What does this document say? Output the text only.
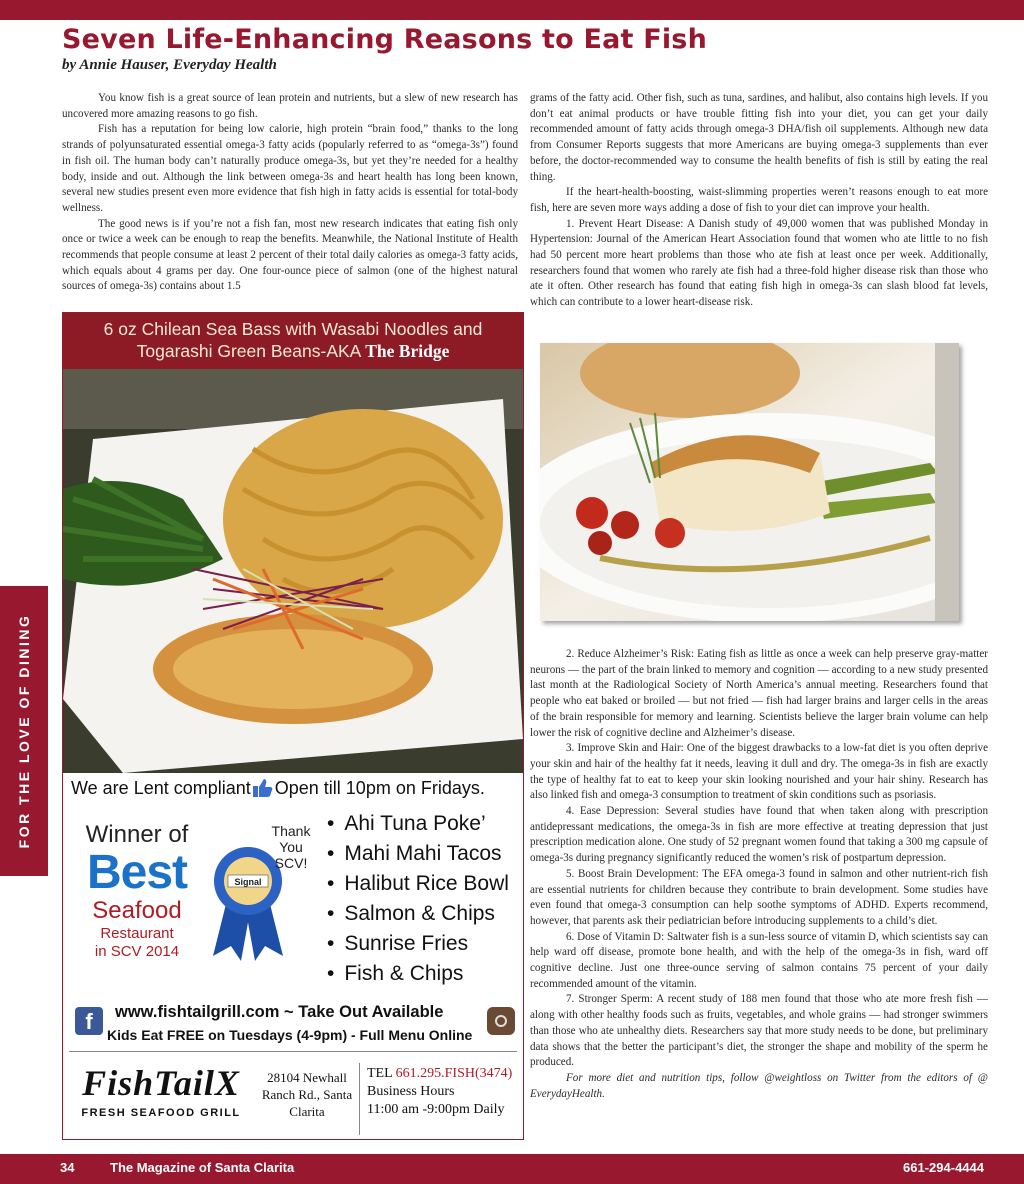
Seven Life-Enhancing Reasons to Eat Fish
by Annie Hauser, Everyday Health

You know fish is a great source of lean protein and nutrients, but a slew of new research has uncovered more amazing reasons to go fish.

Fish has a reputation for being low calorie, high protein “brain food,” thanks to the long strands of polyunsaturated essential omega-3 fatty acids (popularly referred to as “omega-3s”) found in fish oil. The human body can’t naturally produce omega-3s, but yet they’re needed for a healthy body, inside and out. Although the link between omega-3s and heart health has long been known, several new studies present even more evidence that fish high in fatty acids is essential for total-body wellness.

The good news is if you’re not a fish fan, most new research indicates that eating fish only once or twice a week can be enough to reap the benefits. Meanwhile, the National Institute of Health recommends that people consume at least 2 percent of their total daily calories as omega-3 fatty acids, which equals about 4 grams per day. One four-ounce piece of salmon (one of the highest natural sources of omega-3s) contains about 1.5

grams of the fatty acid. Other fish, such as tuna, sardines, and halibut, also contains high levels. If you don’t eat animal products or have trouble fitting fish into your diet, you can get your daily recommended amount of fatty acids through omega-3 DHA/fish oil supplements. Although new data from Consumer Reports suggests that more Americans are buying omega-3 supplements than ever before, the doctor-recommended way to consume the health benefits of fish is still by eating the real thing.

If the heart-health-boosting, waist-slimming properties weren’t reasons enough to eat more fish, here are seven more ways adding a dose of fish to your diet can improve your health.

1. Prevent Heart Disease: A Danish study of 49,000 women that was published Monday in Hypertension: Journal of the American Heart Association found that women who ate little to no fish had 50 percent more heart problems than those who ate fish at least once per week. Additionally, researchers found that women who rarely ate fish had a three-fold higher disease risk than those who ate it often. Other research has found that eating fish high in omega-3s can slash blood fat levels, which can contribute to a lower heart-disease risk.

2. Reduce Alzheimer’s Risk: Eating fish as little as once a week can help preserve gray-matter neurons — the part of the brain linked to memory and cognition — according to a new study presented last month at the Radiological Society of North America’s annual meeting. Researchers found that people who eat baked or broiled — but not fried — fish had larger brains and larger cells in the areas of the brain responsible for memory and learning. Scientists believe the larger brain volume can help lower the risk of cognitive decline and Alzheimer’s disease.

3. Improve Skin and Hair: One of the biggest drawbacks to a low-fat diet is you often deprive your skin and hair of the healthy fat it needs, leaving it dull and dry. The omega-3s in fish are exactly the type of healthy fat to eat to keep your skin looking nourished and your hair shiny. Research has also linked fish and omega-3 consumption to treatment of skin conditions such as psoriasis.

4. Ease Depression: Several studies have found that when taken along with prescription antidepressant medications, the omega-3s in fish are more effective at treating depression that just prescription medication alone. One study of 52 pregnant women found that taking a 300 mg capsule of omega-3s during pregnancy significantly reduced the women’s risk of postpartum depression.

5. Boost Brain Development: The EFA omega-3 found in salmon and other nutrient-rich fish are essential nutrients for children because they contribute to brain development. Some studies have even found that omega-3 consumption can help soothe symptoms of ADHD. Experts recommend, however, that parents ask their pediatrician before introducing supplements to a child’s diet.

6. Dose of Vitamin D: Saltwater fish is a sun-less source of vitamin D, which scientists say can help ward off disease, promote bone health, and with the help of the omega-3s in fish, ward off cognitive decline. Just one three-ounce serving of salmon contains 75 percent of your daily recommended amount of the vitamin.

7. Stronger Sperm: A recent study of 188 men found that those who ate more fresh fish — along with other healthy foods such as fruits, vegetables, and whole grains — had stronger swimmers than those who ate unhealthy diets. Researchers say that more study needs to be done, but preliminary data shows that the better the participant’s diet, the stronger the shape and mobility of the sperm he produced.

For more diet and nutrition tips, follow @weightloss on Twitter from the editors of @ EverydayHealth.

6 oz Chilean Sea Bass with Wasabi Noodles and
Togarashi Green Beans-AKA The Bridge
We are Lent compliant Open till 10pm on Fridays.
Winner of
Best
Seafood
Restaurant
in SCV 2014
Signal
Thank You SCV!
• Ahi Tuna Poke’
• Mahi Mahi Tacos
• Halibut Rice Bowl
• Salmon & Chips
• Sunrise Fries
• Fish & Chips
f	www.fishtailgrill.com ~ Take Out Available
Kids Eat FREE on Tuesdays (4-9pm) - Full Menu Online
FishTailX
FRESH SEAFOOD GRILL
28104 Newhall Ranch Rd., Santa Clarita
TEL 661.295.FISH(3474)
Business Hours
11:00 am -9:00pm Daily
FOR THE LOVE OF DINING
34	The Magazine of Santa Clarita	661-294-4444
